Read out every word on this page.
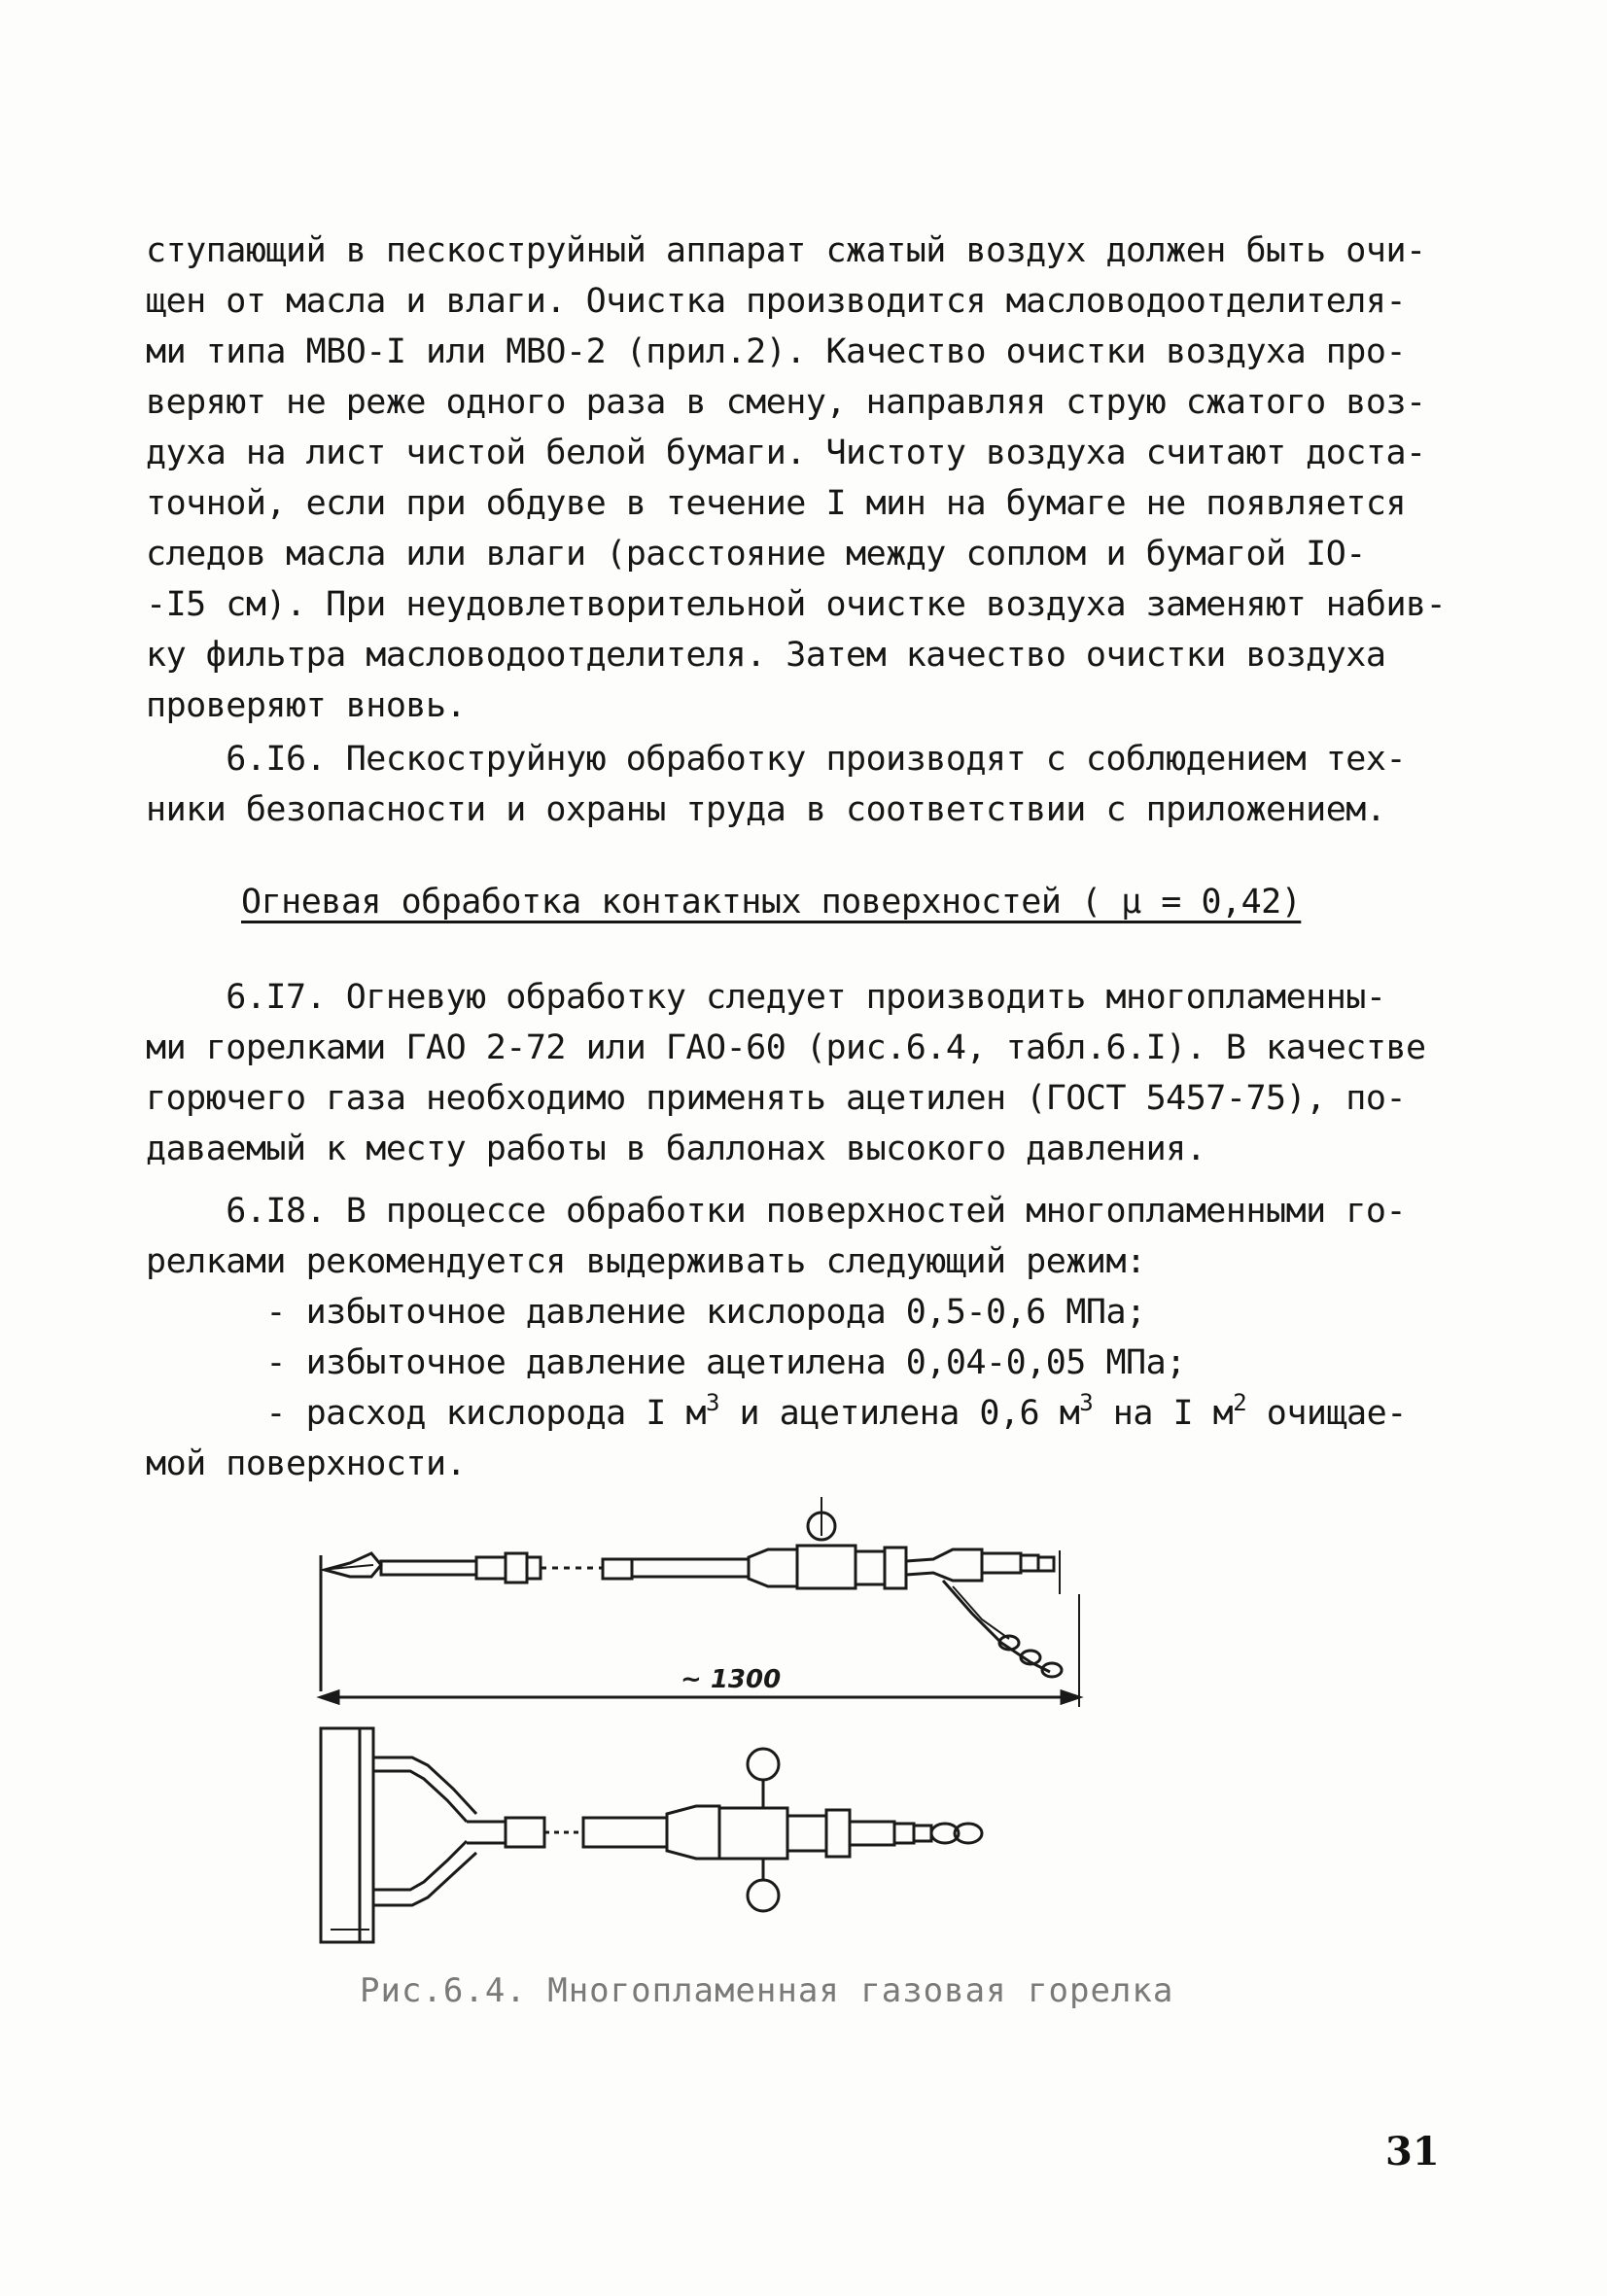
ступающий в пескоструйный аппарат сжатый воздух должен быть очи-
щен от масла и влаги. Очистка производится масловодоотделителя-
ми типа МВО-I или МВО-2 (прил.2). Качество очистки воздуха про-
веряют не реже одного раза в смену, направляя струю сжатого воз-
духа на лист чистой белой бумаги. Чистоту воздуха считают доста-
точной, если при обдуве в течение I мин на бумаге не появляется
следов масла или влаги (расстояние между соплом и бумагой IO-
-I5 см). При неудовлетворительной очистке воздуха заменяют набив-
ку фильтра масловодоотделителя. Затем качество очистки воздуха
проверяют вновь.
6.I6. Пескоструйную обработку производят с соблюдением тех-
ники безопасности и охраны труда в соответствии с приложением.
Огневая обработка контактных поверхностей ( μ = 0,42)
6.I7. Огневую обработку следует производить многопламенны-
ми горелками ГАО 2-72 или ГАО-60 (рис.6.4, табл.6.I). В качестве
горючего газа необходимо применять ацетилен (ГОСТ 5457-75), по-
даваемый к месту работы в баллонах высокого давления.
6.I8. В процессе обработки поверхностей многопламенными го-
релками рекомендуется выдерживать следующий режим:
- избыточное давление кислорода 0,5-0,6 МПа;
- избыточное давление ацетилена 0,04-0,05 МПа;
- расход кислорода I $м^3$ и ацетилена 0,6 $м^3$ на I $м^2$ очищае-
мой поверхности.
~ 1300
Рис.6.4. Многопламенная газовая горелка
31
